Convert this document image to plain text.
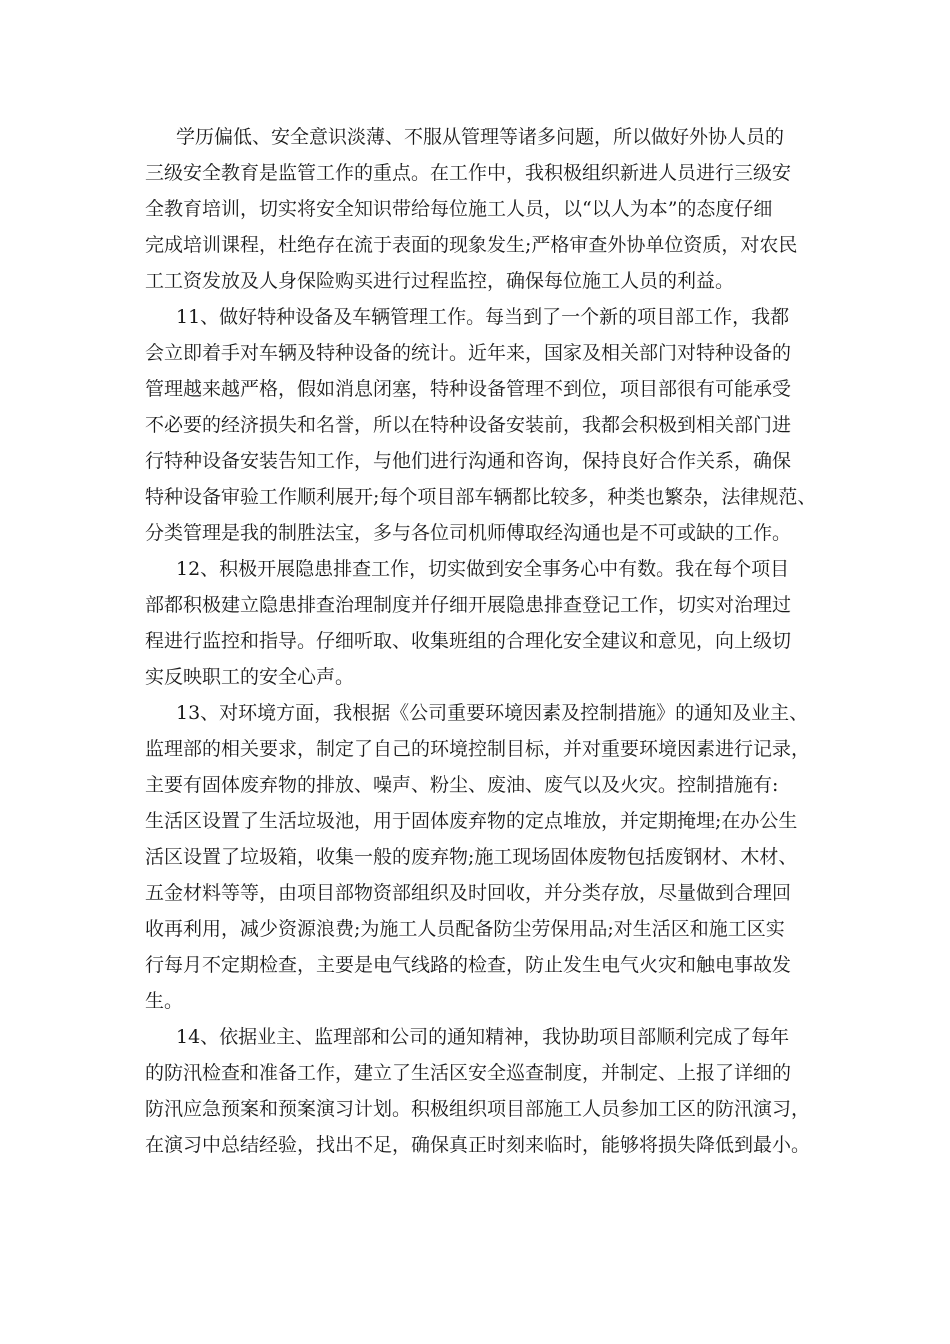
学历偏低、安全意识淡薄、不服从管理等诸多问题，所以做好外协人员的
三级安全教育是监管工作的重点。在工作中，我积极组织新进人员进行三级安
全教育培训，切实将安全知识带给每位施工人员，以“以人为本”的态度仔细
完成培训课程，杜绝存在流于表面的现象发生;严格审查外协单位资质，对农民
工工资发放及人身保险购买进行过程监控，确保每位施工人员的利益。
11、做好特种设备及车辆管理工作。每当到了一个新的项目部工作，我都
会立即着手对车辆及特种设备的统计。近年来，国家及相关部门对特种设备的
管理越来越严格，假如消息闭塞，特种设备管理不到位，项目部很有可能承受
不必要的经济损失和名誉，所以在特种设备安装前，我都会积极到相关部门进
行特种设备安装告知工作，与他们进行沟通和咨询，保持良好合作关系，确保
特种设备审验工作顺利展开;每个项目部车辆都比较多，种类也繁杂，法律规范、
分类管理是我的制胜法宝，多与各位司机师傅取经沟通也是不可或缺的工作。
12、积极开展隐患排查工作，切实做到安全事务心中有数。我在每个项目
部都积极建立隐患排查治理制度并仔细开展隐患排查登记工作，切实对治理过
程进行监控和指导。仔细听取、收集班组的合理化安全建议和意见，向上级切
实反映职工的安全心声。
13、对环境方面，我根据《公司重要环境因素及控制措施》的通知及业主、
监理部的相关要求，制定了自己的环境控制目标，并对重要环境因素进行记录，
主要有固体废弃物的排放、噪声、粉尘、废油、废气以及火灾。控制措施有:
生活区设置了生活垃圾池，用于固体废弃物的定点堆放，并定期掩埋;在办公生
活区设置了垃圾箱，收集一般的废弃物;施工现场固体废物包括废钢材、木材、
五金材料等等，由项目部物资部组织及时回收，并分类存放，尽量做到合理回
收再利用，减少资源浪费;为施工人员配备防尘劳保用品;对生活区和施工区实
行每月不定期检查，主要是电气线路的检查，防止发生电气火灾和触电事故发
生。
14、依据业主、监理部和公司的通知精神，我协助项目部顺利完成了每年
的防汛检查和准备工作，建立了生活区安全巡查制度，并制定、上报了详细的
防汛应急预案和预案演习计划。积极组织项目部施工人员参加工区的防汛演习，
在演习中总结经验，找出不足，确保真正时刻来临时，能够将损失降低到最小。
